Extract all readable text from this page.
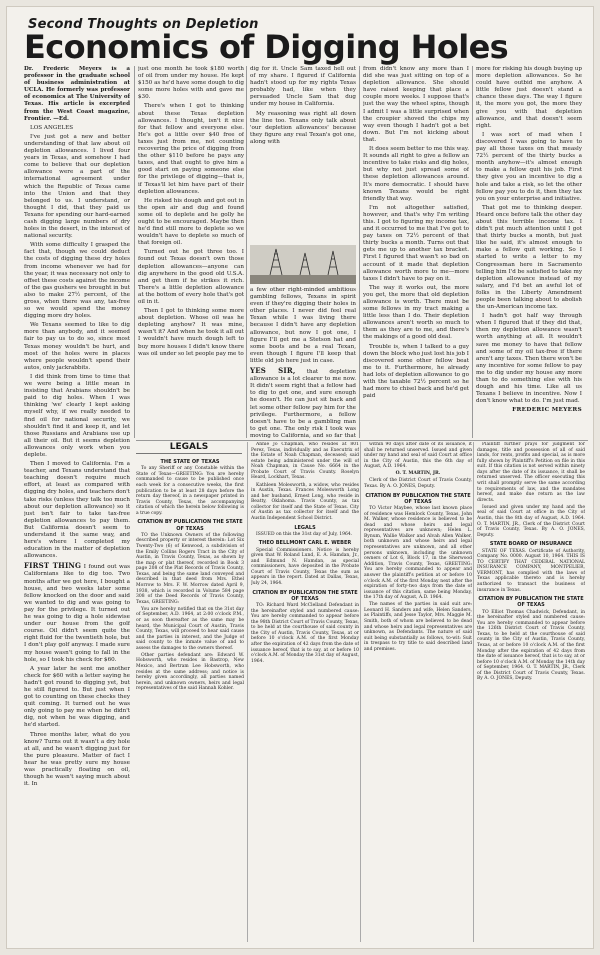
Second Thoughts on Depletion
Economics of Digging Holes

Dr. Frederic Meyers is a professor in the graduate school of business administration at UCLA. He formerly was professor of economics at The University of Texas. His article is excerpted from the West Coast magazine, Frontier. —Ed.

LOS ANGELES

I've just got a new and better understanding of that law about oil depletion allowances. I lived four years in Texas, and somehow I had come to believe that our depletion allowance were a part of the international agreement under which the Republic of Texas came into the Union and that they belonged to us. I understand, or thought I did, that they paid us Texans for spending our hard-earned cash digging large numbers of dry holes in the desert, in the interest of national security.

With some difficulty I grasped the fact that, though we could deduct the costs of digging these dry holes from income whenever we had for the year, it was necessary not only to offset these costs against the income of the gas gushers we brought in but also to make 27½ percent, of the gross, when there was any, tax-free so we would spend the money digging more dry holes.

We Texans seemed to like to dig more than anybody, and it seemed fair to pay us to do so, since most Texas money wouldn't be hurt, and most of the holes were in places where people wouldn't spend their autos, only jackrabbits.

I did think from time to time that we were being a little mean in insisting that Arabians shouldn't be paid to dig holes. When I was thinking 'we' clearly I kept asking myself why, if we really needed to find oil for national security, we shouldn't find it and keep it, and let those Russians and Arabians use up all their oil. But it seems depletion allowances only work when you deplete.

Then I moved to California. I'm a teacher, and Texans understand that teaching doesn't require much effort, at least as compared with digging dry holes, and teachers don't take risks (unless they talk too much about our depletion allowance) so it just isn't fair to take tax-free depletion allowances to pay them. But California doesn't seem to understand it the same way, and here's where I completed my education in the matter of depletion allowances.

FIRST THING I found out was Californians like to dig too. Two months after we got here, I bought a house, and two weeks later some fellow knocked on the door and said we wanted to dig and was going to pay for the privilege. It turned out he was going to dig a hole sidewise under our house from the golf course. Oil didn't seem quite the right fluid for the twentieth hole, but I don't play golf anyway. I made sure my house wasn't going to fall in the hole, so I took his check for $60.

A year later he sent me another check for $60 with a letter saying he hadn't got round to digging yet, but he still figured to. But just when I got to counting on these checks they quit coming. It turned out he was only going to pay me when he didn't dig, not when he was digging, and he'd started.

Three months later, what do you know? Turns out it wasn't a dry hole at all, and he wasn't digging just for the pure pleasure. Matter of fact I hear he was pretty sure my house was practically floating on oil, though he wasn't saying much about it. In

just one month he took $180 worth of oil from under my house. He kept $150 as he'd have some dough to dig some more holes with and gave me $30.

There's when I got to thinking about these Texas depletion allowances. I thought, isn't it nice for that fellow and everyone else. He's got a little over $40 free of taxes just from me, not counting recovering the price of digging from the other $110 before he pays any taxes, and that ought to give him a good start on paying someone else for the privilege of digging—that is, if Texas'll let him have part of their depletion allowances.

He risked his dough and got out in the open air and dug and found some oil to deplete and he golly he ought to be encouraged. Maybe then he'd find still more to deplete so we wouldn't have to deplete so much of that foreign oil.

Turned out he got three too. I found out Texas doesn't own those depletion allowances—anyone can dig anywhere in the good old U.S.A. and get them if he strikes it rich. There's a little depletion allowance at the bottom of every hole that's got oil in it.

Then I got to thinking some more about depletion. Whose oil was he depleting anyhow? It was mine, wasn't it? And when he took it all out I wouldn't have much dough left to buy more houses I didn't know there was oil under so let people pay me to

dig for it. Uncle Sam taxed hell out of my share. I figured if California hadn't stood up for my rights Texas probably had, like when they persuaded Uncle Sam that dug under my house in California.

My reasoning was right all down the line too. Texans only talk about 'our depletion allowances' because they figure any real Texan's got one, along with

a few other right-minded ambitious gambling fellows, Texans in spirit even if they're digging their holes in other places. I never did feel real Texan while I was living there because I didn't have any depletion allowance, but now I got one, I figure I'll get me a Stetson hat and some boots and be a real Texan, even though I figure I'll keep that little old job here just in case.

YES SIR, that depletion allowance is a lot clearer to me now. It didn't seem right that a fellow had to dig to get one, and sure enough he doesn't. He can just sit back and let some other fellow pay him for the privilege. Furthermore, a fellow doesn't have to be a gambling man to get one. The only risk I took was moving to California, and so far that

from didn't know any more than I did she was just sitting on top of a depletion allowance. She should have raised keeping that place a couple more weeks. I suppose that's just the way the wheel spins, though I admit I was a little surprised when the croupier shoved the chips my way even though I hadn't got a bet down. But I'm not kicking about that.

It does seem better to me this way. It sounds all right to give a fellow an incentive to take risks and dig holes, but why not just spread some of these depletion allowances around. It's more democratic. I should have known Texans would be right friendly that way.

I'm not altogether satisfied, however, and that's why I'm writing this. I got to figuring my income tax, and it occurred to me that I've got to pay taxes on 72½ percent of that thirty bucks a month. Turns out that gets me up to another tax bracket. First I figured that wasn't so bad on account of it made that depletion allowance worth more to me—more taxes I didn't have to pay on it.

The way it works out, the more you get, the more that old depletion allowance is worth. There must be some fellows in my tract making a little less than I do. Their depletion allowances aren't worth so much to them as they are to me, and there's the makings of a good old deal.

Trouble is, when I talked to a guy down the block who just lost his job I discovered some other fellow beat me to it. Furthermore, he already had lots of depletion allowance to go with the taxable 72½ percent so he had more to chisel back and he'd get paid

more for risking his dough buying up more depletion allowances. So he could have outbid me anyhow. A little fellow just doesn't stand a chance these days. The way I figure it, the more you got, the more they give you with that depletion allowance, and that doesn't seem right.

I was sort of mad when I discovered I was going to have to pay all those taxes on that measly 72½ percent of the thirty bucks a month anyhow—it's almost enough to make a fellow quit his job. First they give you an incentive to dig a hole and take a risk, so let the other fellow pay you to do it, then they tax you on your enterprise and initiative.

That got me to thinking deeper. Heard once before talk the other day about this terrible income tax. I didn't put much attention until I got that thirty bucks a month, but just like he said, it's almost enough to make a fellow quit working. So I started to write a letter to my Congressman here in Sacramento telling him I'd be satisfied to take my depletion allowance instead of my salary, and I'd bet an awful lot of folks in the Liberty Amendment people been talking about to abolish the un-American income tax.

I hadn't got half way through when I figured that if they did that, then my depletion allowance wasn't worth anything at all. It wouldn't save me money to have that fellow and some of my oil tax-free if there aren't any taxes. Then there won't be any incentive for some fellow to pay me to dig under my house any more than to do something else with his dough and his time. Like all us Texans I believe in incentive. Now I don't know what to do. I'm just mad.

FREDERIC MEYERS

LEGALS

THE STATE OF TEXAS

To any Sheriff or any Constable within the State of Texas—GREETING: You are hereby commanded to cause to be published once each week for a consecutive weeks, the first publication to be at least 28 days before the return day thereof, in a newspaper printed in Travis County, Texas, the accompanying citation of which the herein below following is a true copy.

CITATION BY PUBLICATION THE STATE OF TEXAS

TO the Unknown Owners of the following described property or interest therein: Lot Six Twenty-Two (6) of Kenwood, a subdivision of the Emily Collins Rogers Tract in the City of Austin, in Travis County, Texas, as shown by the map or plat thereof, recorded in Book 3 page 208 of the Plat Records of Travis County, Texas, and being the same land conveyed and described in that deed from Mrs. Ethel Morrow to Mrs. F. W. Morrow dated April 9, 1938, which is recorded in Volume 584 page 308 of the Deed Records of Travis County, Texas, GREETING:

You are hereby notified that on the 31st day of September, A.D. 1964, at 2:00 o'clock P.M., or as soon thereafter as the same may be heard, the Municipal Court of Austin, Travis County, Texas, will proceed to hear said cause and the parties in interest, and the Judge of said county to the inmate value of and to assess the damages to the owners thereof.

Other parties defendant are: Edward W. Hobsworth, who resides in Bastrop, New Mexico, and Bertram Lee Hobsworth, who resides at the same address; and notice is hereby given accordingly, all parties named herein, and unknown owners, heirs and legal representatives of the said Hannah Kohler.

Annie Jo Chapman, who resides at 801 Perez, Texas, individually and as Executrix of the Estate of Noah Chapman, deceased; said estate being administered under the will of Noah Chapman, in Cause No. 6664 in the Probate Court of Travis County. Roselyn Heard, Lockhart, Texas.

Kathleen Molesworth, a widow, who resides in Austin, Texas. Frances Molesworth Long and her husband, Ernest Long, who reside in Beatty, Oklahoma. Travis County, as tax collector for itself and the State of Texas. City of Austin as tax collector for itself and the Austin Independent School District.

LEGALS

ISSUED on this the 31st day of July, 1964.

THEO BELLMONT CARL E. WEBER

Special Commissioners. Notice is hereby given that W. Roland Lund, E. A. Hamdan, Jr., and Edmund N. Hamdan, as special commissioners, have deposited in the Probate Court of Travis County, Texas the sum as appears in the report. Dated at Dallas, Texas, July 24, 1964.

CITATION BY PUBLICATION THE STATE OF TEXAS

TO: Richard Ward McClelland Defendant in the hereinafter styled and numbered cause: You are hereby commanded to appear before the 98th District Court of Travis County, Texas, to be held at the courthouse of said county in the City of Austin, Travis County, Texas, at or before 10 o'clock A.M. of the first Monday after the expiration of 42 days from the date of issuance hereof, that is to say, at or before 10 o'clock A.M. of Monday the 31st day of August, 1964.

within 90 days after date of its issuance, it shall be returned unserved. Issued and given under my hand and seal of said Court at office in the City of Austin, this the 6th day of August, A.D. 1964.

O. T. MARTIN, JR.

Clerk of the District Court of Travis County, Texas. By A. O. JONES, Deputy.

CITATION BY PUBLICATION THE STATE OF TEXAS

TO Victor Maybee, whose last known place of residence was Hemlock County, Texas, John M. Walker, whose residence is believed to be dead and whose heirs and legal representatives are unknown; Helen L. Bynum, Wallie Walker and Alvah Allen Walker, both unknown and whose heirs and legal representatives are unknown, and all other persons unknown, including the unknown owners of Lot 6, Block 17, in the Sherwood Addition, Travis County, Texas, GREETING: You are hereby commanded to appear and answer the plaintiff's petition at or before 10 o'clock A.M. of the first Monday next after the expiration of forty-two days from the date of issuance of this citation, same being Monday, the 17th day of August, A.D. 1964.

The names of the parties in said suit are: Leonard H. Sanders and wife, Helen Sanders, as Plaintiffs, and Jesse Taylor, Mrs. Maggie M. Smith, both of whom are believed to be dead and whose heirs and legal representatives are unknown, as Defendants. The nature of said suit being substantially as follows, to-wit: Suit in trespass to try title to said described land and premises.

Plaintiff further prays for judgment for damages, title and possession of all of said lands, for rents, profits and special, as is more fully shown by Plaintiff's Petition on file in this suit. If this citation is not served within ninety days after the date of its issuance, it shall be returned unserved. The officer executing this writ shall promptly serve the same according to requirements of law, and the mandates hereof, and make due return as the law directs.

Issued and given under my hand and the seal of said Court at office in the City of Austin, this the 8th day of August, A.D. 1964. O. T. MARTIN, JR., Clerk of the District Court of Travis County, Texas. By A. O. JONES, Deputy.

STATE BOARD OF INSURANCE

STATE OF TEXAS. Certificate of Authority, Company No. 0000. August 10, 1964. THIS IS TO CERTIFY THAT CEDERAL NATIONAL INSURANCE COMPANY, MONTPELIER, VERMONT, has complied with the laws of Texas applicable thereto and is hereby authorized to transact the business of insurance in Texas.

CITATION BY PUBLICATION THE STATE OF TEXAS

TO Elliot Thomas Chadwick, Defendant, in the hereinafter styled and numbered cause: You are hereby commanded to appear before the 126th District Court of Travis County, Texas, to be held at the courthouse of said county in the City of Austin, Travis County, Texas, at or before 10 o'clock A.M. of the first Monday after the expiration of 42 days from the date of issuance hereof, that is to say, at or before 10 o'clock A.M. of Monday the 14th day of September, 1964. O. T. MARTIN, JR., Clerk of the District Court of Travis County, Texas. By A. O. JONES, Deputy.
